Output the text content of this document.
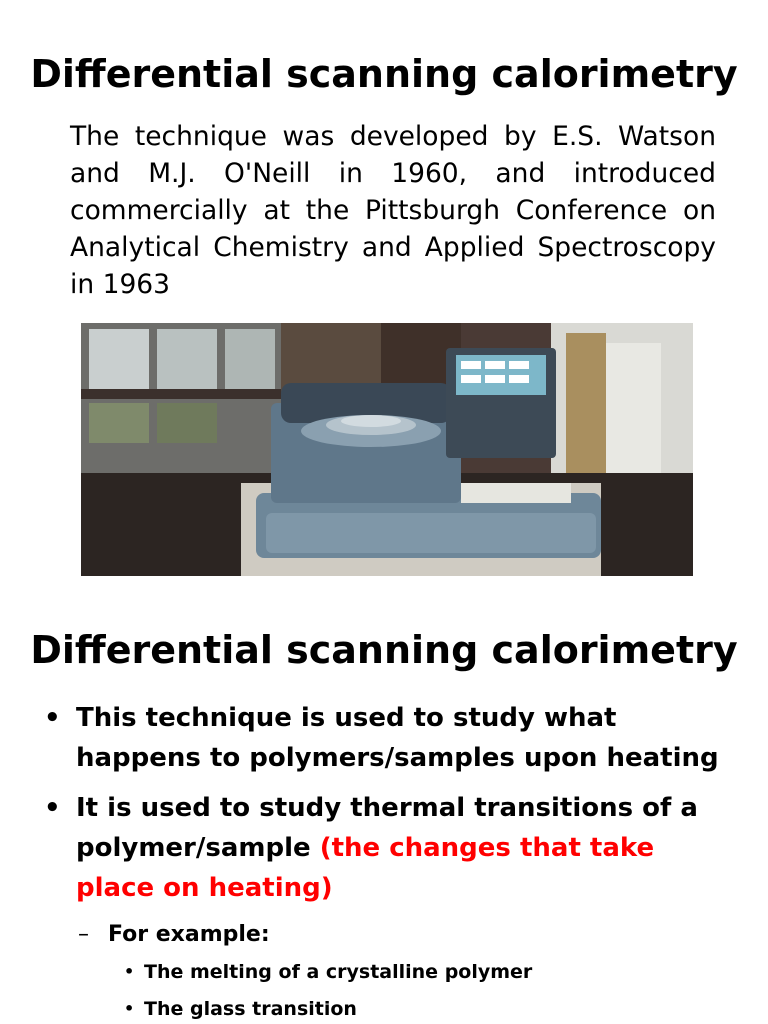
Differential scanning calorimetry
The technique was developed by E.S. Watson and M.J. O'Neill in 1960, and introduced commercially at the Pittsburgh Conference on Analytical Chemistry and Applied Spectroscopy in 1963
Differential scanning calorimetry
• This technique is used to study what happens to polymers/samples upon heating
• It is used to study thermal transitions of a polymer/sample (the changes that take place on heating)
– For example:
• The melting of a crystalline polymer
• The glass transition
